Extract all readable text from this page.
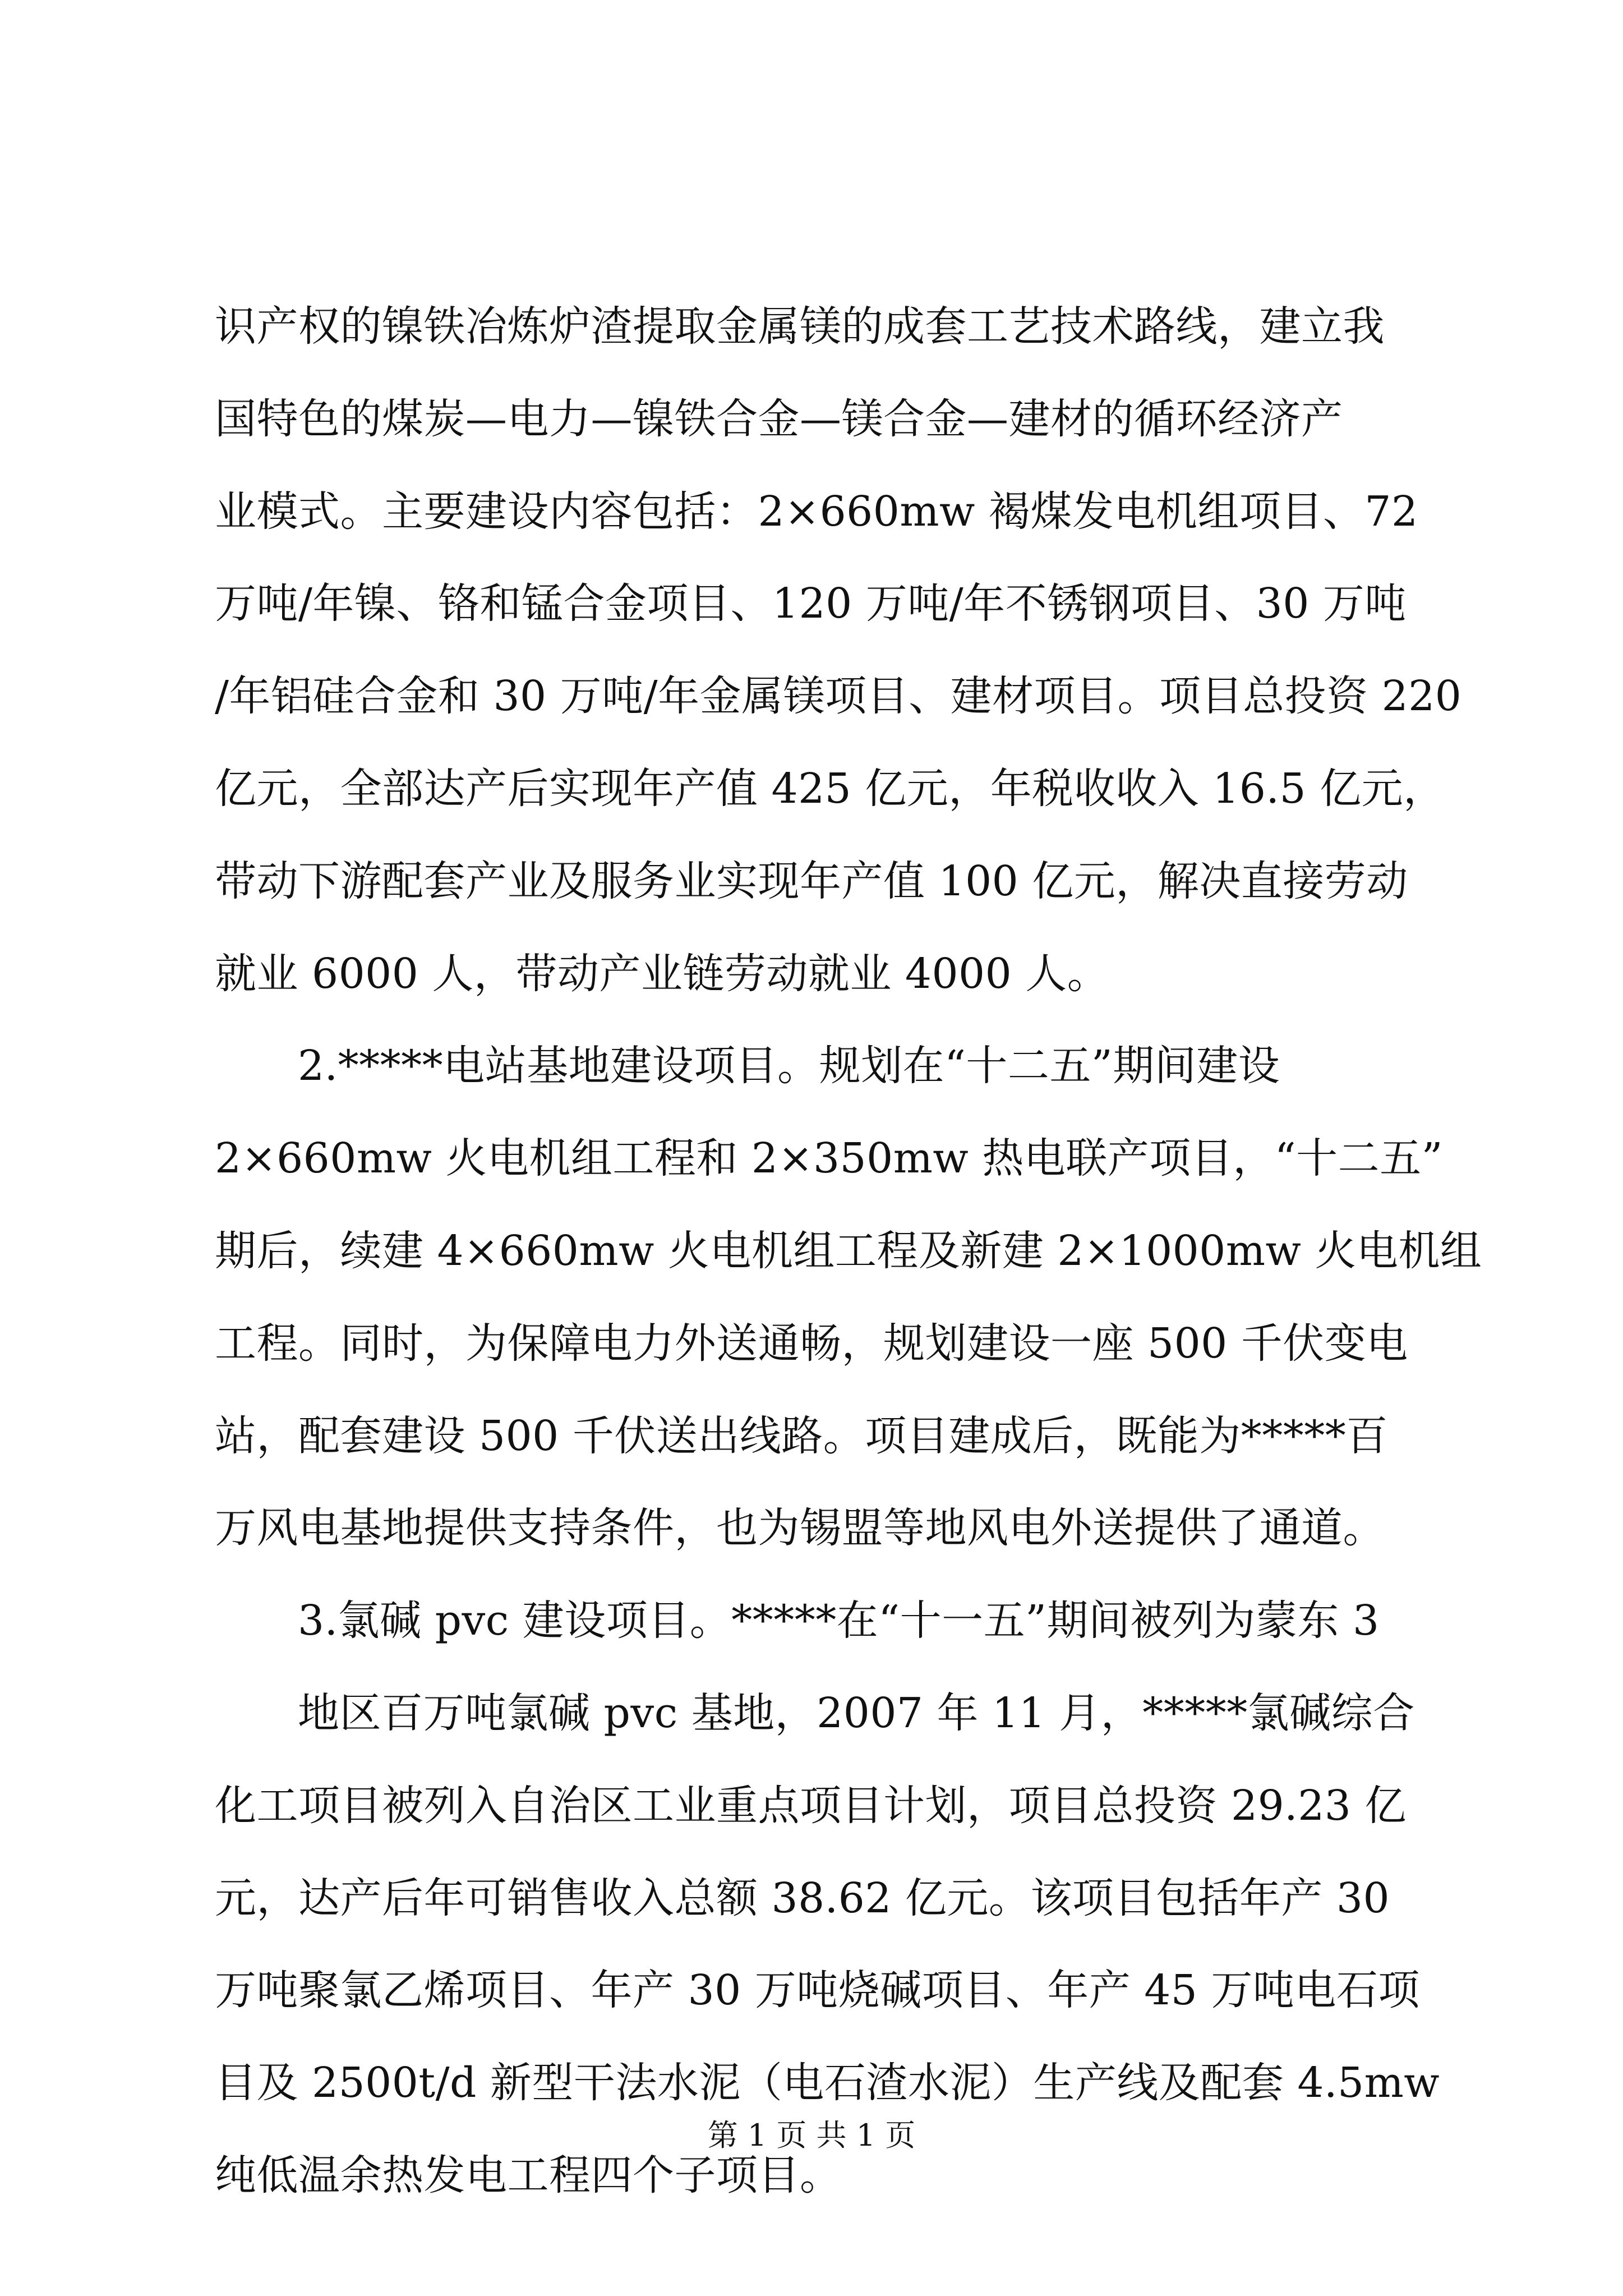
识产权的镍铁冶炼炉渣提取金属镁的成套工艺技术路线，建立我
国特色的煤炭—电力—镍铁合金—镁合金—建材的循环经济产
业模式。主要建设内容包括：2×660mw 褐煤发电机组项目、72
万吨/年镍、铬和锰合金项目、120 万吨/年不锈钢项目、30 万吨
/年铝硅合金和 30 万吨/年金属镁项目、建材项目。项目总投资 220
亿元，全部达产后实现年产值 425 亿元，年税收收入 16.5 亿元，
带动下游配套产业及服务业实现年产值 100 亿元，解决直接劳动
就业 6000 人，带动产业链劳动就业 4000 人。
2.*****电站基地建设项目。规划在“十二五”期间建设
2×660mw 火电机组工程和 2×350mw 热电联产项目，“十二五”
期后，续建 4×660mw 火电机组工程及新建 2×1000mw 火电机组
工程。同时，为保障电力外送通畅，规划建设一座 500 千伏变电
站，配套建设 500 千伏送出线路。项目建成后，既能为*****百
万风电基地提供支持条件，也为锡盟等地风电外送提供了通道。
3.氯碱 pvc 建设项目。*****在“十一五”期间被列为蒙东 3
地区百万吨氯碱 pvc 基地，2007 年 11 月，*****氯碱综合
化工项目被列入自治区工业重点项目计划，项目总投资 29.23 亿
元，达产后年可销售收入总额 38.62 亿元。该项目包括年产 30
万吨聚氯乙烯项目、年产 30 万吨烧碱项目、年产 45 万吨电石项
目及 2500t/d 新型干法水泥（电石渣水泥）生产线及配套 4.5mw
纯低温余热发电工程四个子项目。
第 1 页 共 1 页
